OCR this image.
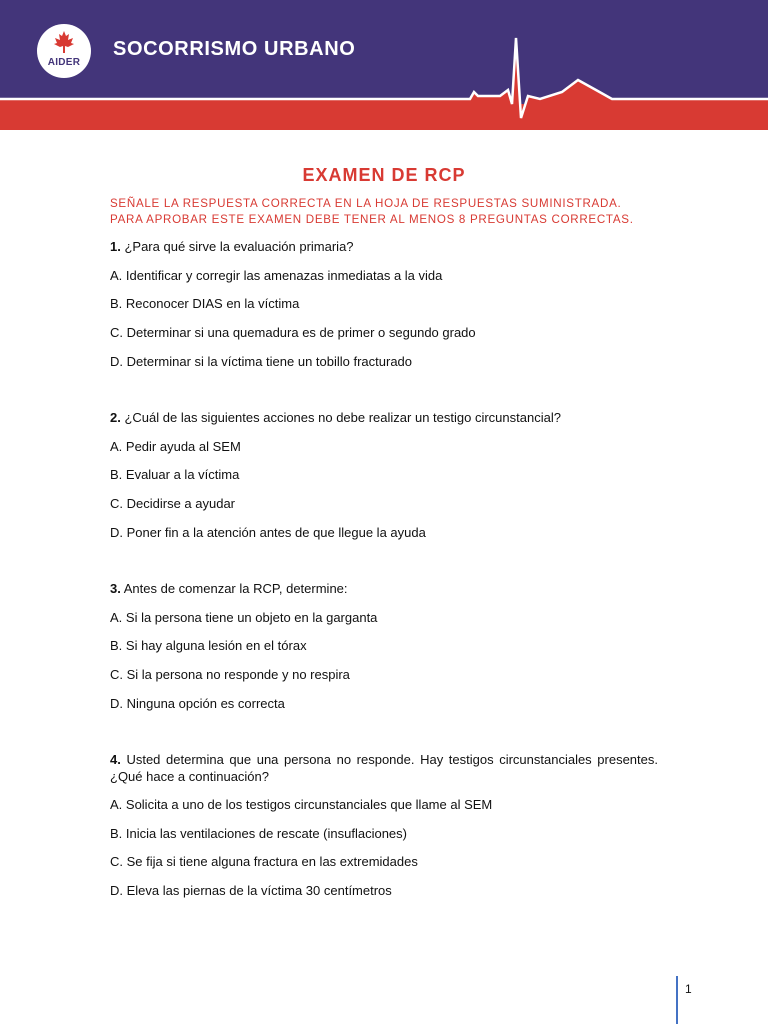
AIDER
SOCORRISMO URBANO
EXAMEN DE RCP
SEÑALE LA RESPUESTA CORRECTA EN LA HOJA DE RESPUESTAS SUMINISTRADA.
PARA APROBAR ESTE EXAMEN DEBE TENER AL MENOS 8 PREGUNTAS CORRECTAS.
1. ¿Para qué sirve la evaluación primaria?
A. Identificar y corregir las amenazas inmediatas a la vida
B. Reconocer DIAS en la víctima
C. Determinar si una quemadura es de primer o segundo grado
D. Determinar si la víctima tiene un tobillo fracturado
2. ¿Cuál de las siguientes acciones no debe realizar un testigo circunstancial?
A. Pedir ayuda al SEM
B. Evaluar a la víctima
C. Decidirse a ayudar
D. Poner fin a la atención antes de que llegue la ayuda
3. Antes de comenzar la RCP, determine:
A. Si la persona tiene un objeto en la garganta
B. Si hay alguna lesión en el tórax
C. Si la persona no responde y no respira
D. Ninguna opción es correcta
4. Usted determina que una persona no responde. Hay testigos circunstanciales presentes.
¿Qué hace a continuación?
A. Solicita a uno de los testigos circunstanciales que llame al SEM
B. Inicia las ventilaciones de rescate (insuflaciones)
C. Se fija si tiene alguna fractura en las extremidades
D. Eleva las piernas de la víctima 30 centímetros
1
